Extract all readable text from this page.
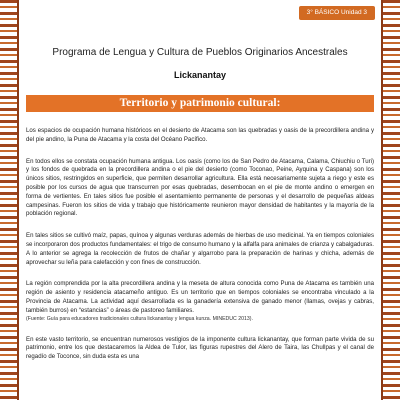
3° BÁSICO Unidad 3
Programa de Lengua y Cultura de Pueblos Originarios Ancestrales
Lickanantay
Territorio y patrimonio cultural:

Los espacios de ocupación humana históricos en el desierto de Atacama son las quebradas y oasis de la precordillera andina y del pie andino, la Puna de Atacama y la costa del Océano Pacífico.

En todos ellos se constata ocupación humana antigua. Los oasis (como los de San Pedro de Atacama, Calama, Chiuchiu o Turi) y los fondos de quebrada en la precordillera andina o el pie del desierto (como Toconao, Peine, Ayquina y Caspana) son los únicos sitios, restringidos en superficie, que permiten desarrollar agricultura. Ella está necesariamente sujeta a riego y este es posible por los cursos de agua que transcurren por esas quebradas, desembocan en el pie de monte andino o emergen en forma de vertientes. En tales sitios fue posible el asentamiento permanente de personas y el desarrollo de pequeñas aldeas campesinas. Fueron los sitios de vida y trabajo que históricamente reunieron mayor densidad de habitantes y la mayoría de la población regional.

En tales sitios se cultivó maíz, papas, quínoa y algunas verduras además de hierbas de uso medicinal. Ya en tiempos coloniales se incorporaron dos productos fundamentales: el trigo de consumo humano y la alfalfa para animales de crianza y cabalgaduras. A lo anterior se agrega la recolección de frutos de chañar y algarrobo para la preparación de harinas y chicha, además de aprovechar su leña para calefacción y con fines de construcción.

La región comprendida por la alta precordillera andina y la meseta de altura conocida como Puna de Atacama es también una región de asiento y residencia atacameño antiguo. Es un territorio que en tiempos coloniales se encontraba vinculado a la Provincia de Atacama. La actividad aquí desarrollada es la ganadería extensiva de ganado menor (llamas, ovejas y cabras, también burros) en “estancias” o áreas de pastoreo familiares.

(Fuente: Guía para educadores tradicionales cultura lickanantay y lengua kunza. MINEDUC 2013).

En este vasto territorio, se encuentran numerosos vestigios de la imponente cultura lickanantay, que forman parte vivida de su patrimonio, entre los que destacaremos la Aldea de Tulor, las figuras rupestres del Alero de Taira, las Chullpas y el canal de regadío de Toconce, sin duda esta es una
